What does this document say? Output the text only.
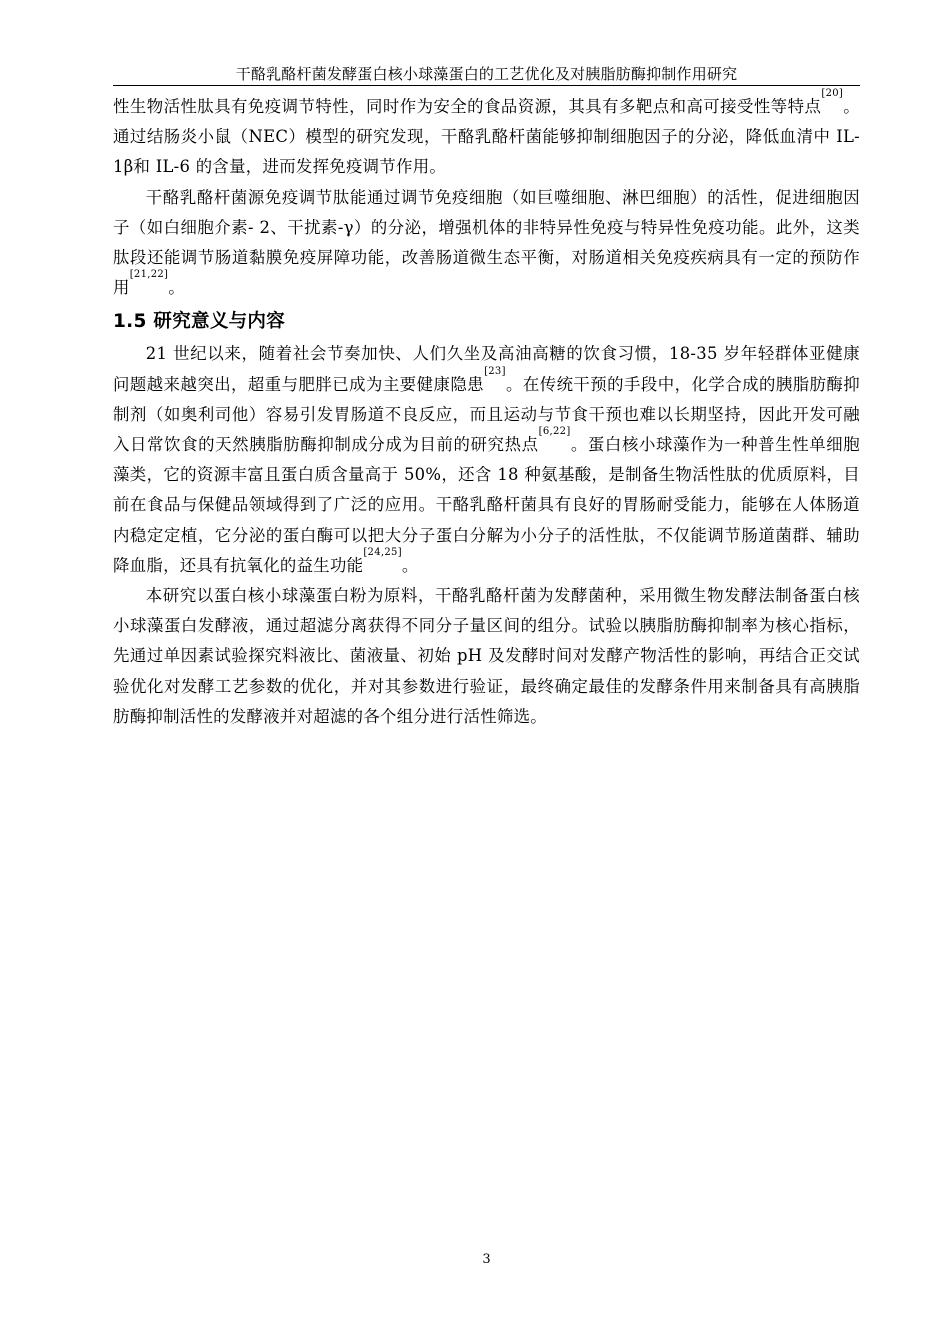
干酪乳酪杆菌发酵蛋白核小球藻蛋白的工艺优化及对胰脂肪酶抑制作用研究

性生物活性肽具有免疫调节特性，同时作为安全的食品资源，其具有多靶点和高可接受性等特点[20]。通过结肠炎小鼠（NEC）模型的研究发现，干酪乳酪杆菌能够抑制细胞因子的分泌，降低血清中 IL-1β和 IL-6 的含量，进而发挥免疫调节作用。

干酪乳酪杆菌源免疫调节肽能通过调节免疫细胞（如巨噬细胞、淋巴细胞）的活性，促进细胞因子（如白细胞介素- 2、干扰素-γ）的分泌，增强机体的非特异性免疫与特异性免疫功能。此外，这类肽段还能调节肠道黏膜免疫屏障功能，改善肠道微生态平衡，对肠道相关免疫疾病具有一定的预防作用[21,22]。

1.5 研究意义与内容

21 世纪以来，随着社会节奏加快、人们久坐及高油高糖的饮食习惯，18-35 岁年轻群体亚健康问题越来越突出，超重与肥胖已成为主要健康隐患[23]。在传统干预的手段中，化学合成的胰脂肪酶抑制剂（如奥利司他）容易引发胃肠道不良反应，而且运动与节食干预也难以长期坚持，因此开发可融入日常饮食的天然胰脂肪酶抑制成分成为目前的研究热点[6,22]。蛋白核小球藻作为一种普生性单细胞藻类，它的资源丰富且蛋白质含量高于 50%，还含 18 种氨基酸，是制备生物活性肽的优质原料，目前在食品与保健品领域得到了广泛的应用。干酪乳酪杆菌具有良好的胃肠耐受能力，能够在人体肠道内稳定定植，它分泌的蛋白酶可以把大分子蛋白分解为小分子的活性肽，不仅能调节肠道菌群、辅助降血脂，还具有抗氧化的益生功能[24,25]。

本研究以蛋白核小球藻蛋白粉为原料，干酪乳酪杆菌为发酵菌种，采用微生物发酵法制备蛋白核小球藻蛋白发酵液，通过超滤分离获得不同分子量区间的组分。试验以胰脂肪酶抑制率为核心指标，先通过单因素试验探究料液比、菌液量、初始 pH 及发酵时间对发酵产物活性的影响，再结合正交试验优化对发酵工艺参数的优化，并对其参数进行验证，最终确定最佳的发酵条件用来制备具有高胰脂肪酶抑制活性的发酵液并对超滤的各个组分进行活性筛选。

3
